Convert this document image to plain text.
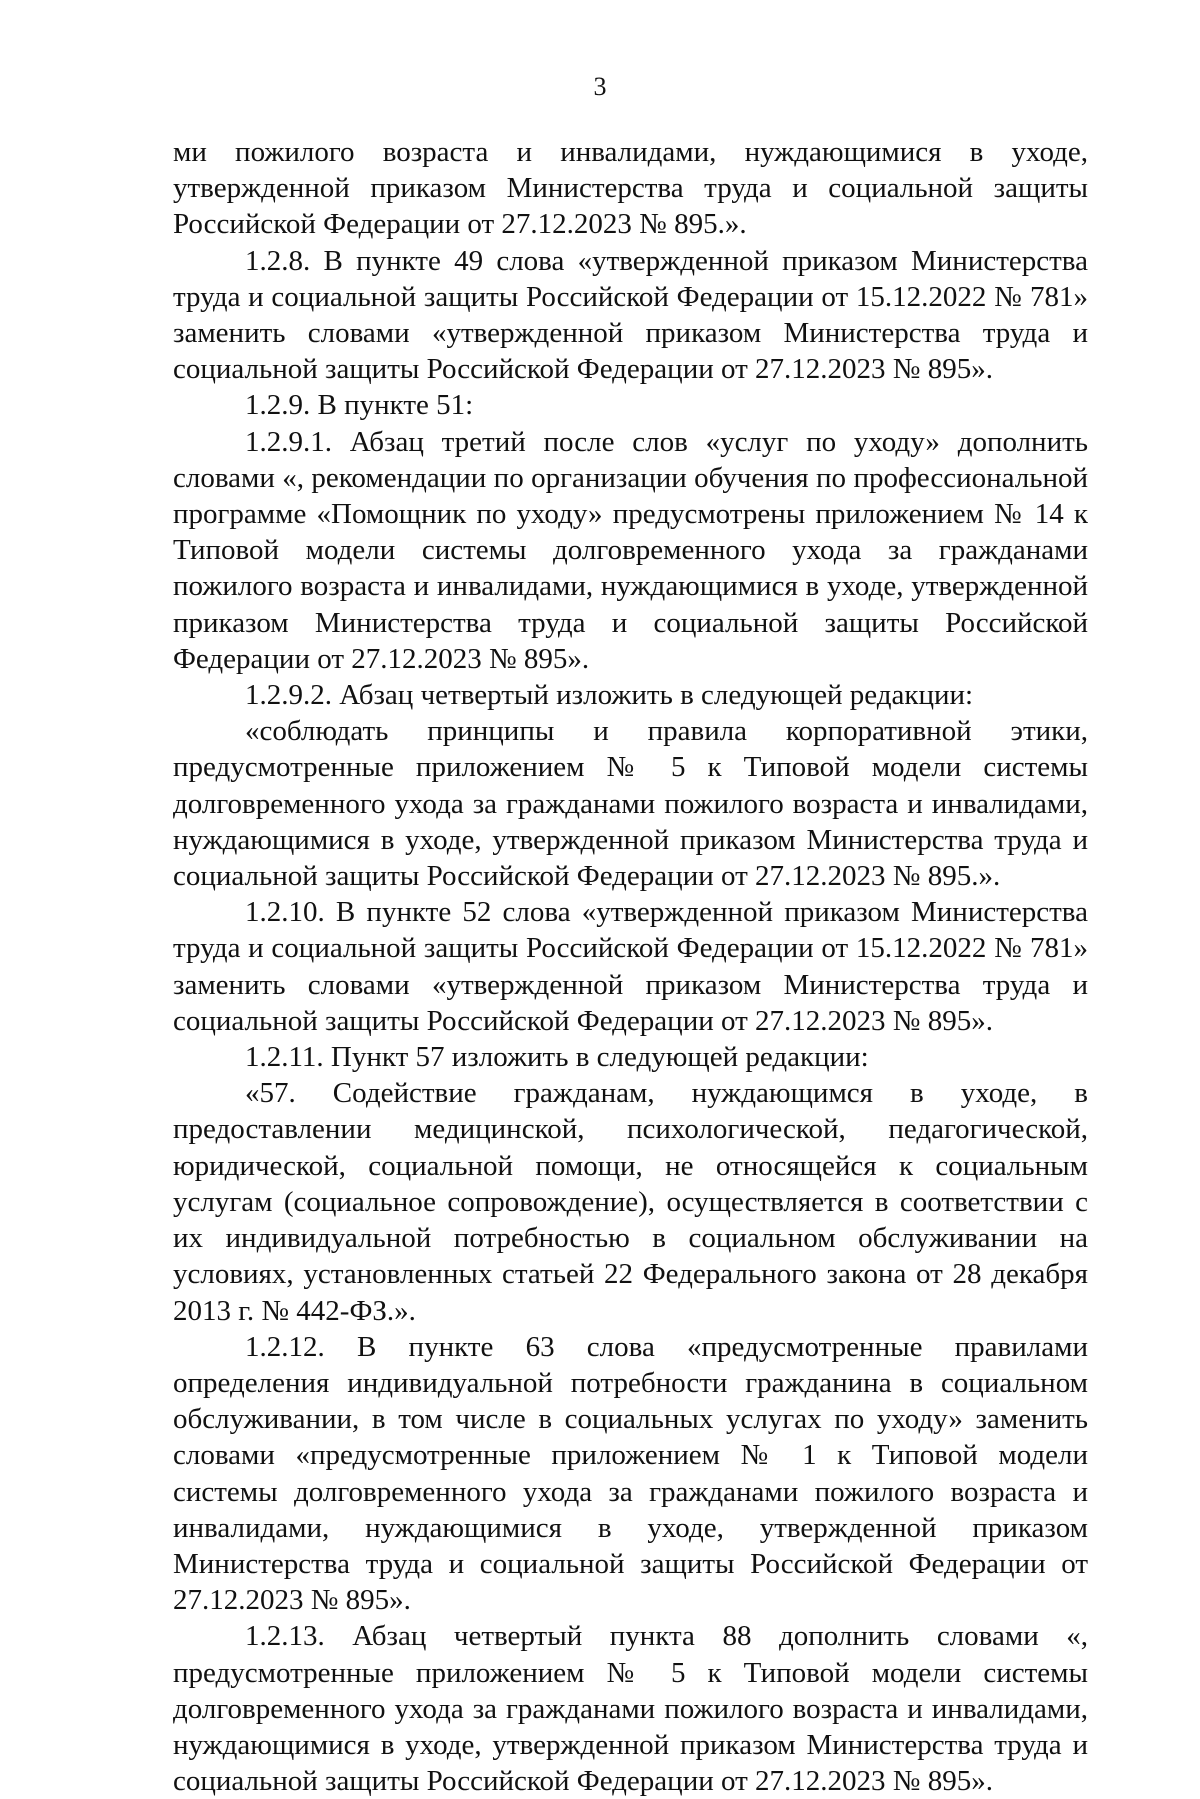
3

ми пожилого возраста и инвалидами, нуждающимися в уходе, утвержденной приказом Министерства труда и социальной защиты Российской Федерации от 27.12.2023 № 895.».

1.2.8. В пункте 49 слова «утвержденной приказом Министерства труда и социальной защиты Российской Федерации от 15.12.2022 № 781» заменить словами «утвержденной приказом Министерства труда и социальной защиты Российской Федерации от 27.12.2023 № 895».

1.2.9. В пункте 51:

1.2.9.1. Абзац третий после слов «услуг по уходу» дополнить словами «, рекомендации по организации обучения по профессиональной программе «Помощник по уходу» предусмотрены приложением № 14 к Типовой модели системы долговременного ухода за гражданами пожилого возраста и инвалидами, нуждающимися в уходе, утвержденной приказом Министерства труда и социальной защиты Российской Федерации от 27.12.2023 № 895».

1.2.9.2. Абзац четвертый изложить в следующей редакции:

«соблюдать принципы и правила корпоративной этики, предусмотренные приложением № 5 к Типовой модели системы долговременного ухода за гражданами пожилого возраста и инвалидами, нуждающимися в уходе, утвержденной приказом Министерства труда и социальной защиты Российской Федерации от 27.12.2023 № 895.».

1.2.10. В пункте 52 слова «утвержденной приказом Министерства труда и социальной защиты Российской Федерации от 15.12.2022 № 781» заменить словами «утвержденной приказом Министерства труда и социальной защиты Российской Федерации от 27.12.2023 № 895».

1.2.11. Пункт 57 изложить в следующей редакции:

«57. Содействие гражданам, нуждающимся в уходе, в предоставлении медицинской, психологической, педагогической, юридической, социальной помощи, не относящейся к социальным услугам (социальное сопровождение), осуществляется в соответствии с их индивидуальной потребностью в социальном обслуживании на условиях, установленных статьей 22 Федерального закона от 28 декабря 2013 г. № 442-ФЗ.».

1.2.12. В пункте 63 слова «предусмотренные правилами определения индивидуальной потребности гражданина в социальном обслуживании, в том числе в социальных услугах по уходу» заменить словами «предусмотренные приложением № 1 к Типовой модели системы долговременного ухода за гражданами пожилого возраста и инвалидами, нуждающимися в уходе, утвержденной приказом Министерства труда и социальной защиты Российской Федерации от 27.12.2023 № 895».

1.2.13. Абзац четвертый пункта 88 дополнить словами «, предусмотренные приложением № 5 к Типовой модели системы долговременного ухода за гражданами пожилого возраста и инвалидами, нуждающимися в уходе, утвержденной приказом Министерства труда и социальной защиты Российской Федерации от 27.12.2023 № 895».
